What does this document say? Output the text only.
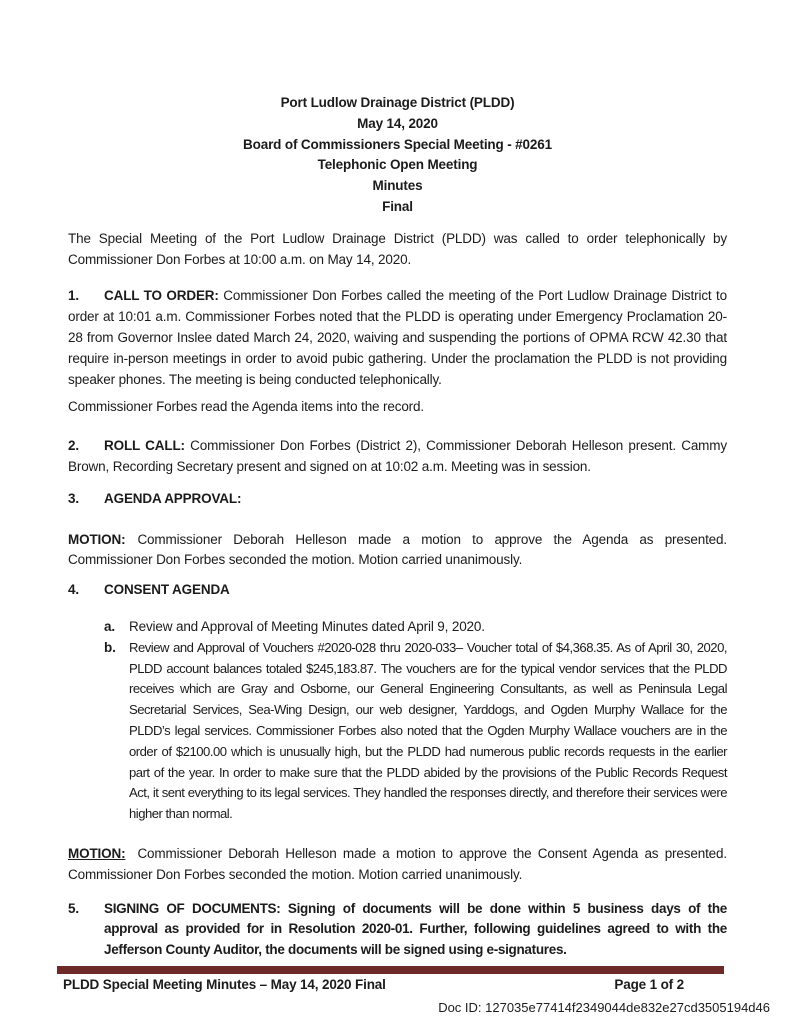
Port Ludlow Drainage District (PLDD)
May 14, 2020
Board of Commissioners Special Meeting - #0261
Telephonic Open Meeting
Minutes
Final

The Special Meeting of the Port Ludlow Drainage District (PLDD) was called to order telephonically by Commissioner Don Forbes at 10:00 a.m. on May 14, 2020.

1. CALL TO ORDER: Commissioner Don Forbes called the meeting of the Port Ludlow Drainage District to order at 10:01 a.m. Commissioner Forbes noted that the PLDD is operating under Emergency Proclamation 20-28 from Governor Inslee dated March 24, 2020, waiving and suspending the portions of OPMA RCW 42.30 that require in-person meetings in order to avoid pubic gathering. Under the proclamation the PLDD is not providing speaker phones. The meeting is being conducted telephonically.

Commissioner Forbes read the Agenda items into the record.

2. ROLL CALL: Commissioner Don Forbes (District 2), Commissioner Deborah Helleson present. Cammy Brown, Recording Secretary present and signed on at 10:02 a.m. Meeting was in session.

3. AGENDA APPROVAL:

MOTION: Commissioner Deborah Helleson made a motion to approve the Agenda as presented. Commissioner Don Forbes seconded the motion. Motion carried unanimously.

4. CONSENT AGENDA

a.	Review and Approval of Meeting Minutes dated April 9, 2020.
b.	Review and Approval of Vouchers #2020-028 thru 2020-033– Voucher total of $4,368.35. As of April 30, 2020, PLDD account balances totaled $245,183.87. The vouchers are for the typical vendor services that the PLDD receives which are Gray and Osborne, our General Engineering Consultants, as well as Peninsula Legal Secretarial Services, Sea-Wing Design, our web designer, Yarddogs, and Ogden Murphy Wallace for the PLDD’s legal services. Commissioner Forbes also noted that the Ogden Murphy Wallace vouchers are in the order of $2100.00 which is unusually high, but the PLDD had numerous public records requests in the earlier part of the year. In order to make sure that the PLDD abided by the provisions of the Public Records Request Act, it sent everything to its legal services. They handled the responses directly, and therefore their services were higher than normal.

MOTION: Commissioner Deborah Helleson made a motion to approve the Consent Agenda as presented. Commissioner Don Forbes seconded the motion. Motion carried unanimously.

5.	SIGNING OF DOCUMENTS: Signing of documents will be done within 5 business days of the approval as provided for in Resolution 2020-01. Further, following guidelines agreed to with the Jefferson County Auditor, the documents will be signed using e-signatures.
PLDD Special Meeting Minutes – May 14, 2020 Final	Page 1 of 2
Doc ID: 127035e77414f2349044de832e27cd3505194d46
